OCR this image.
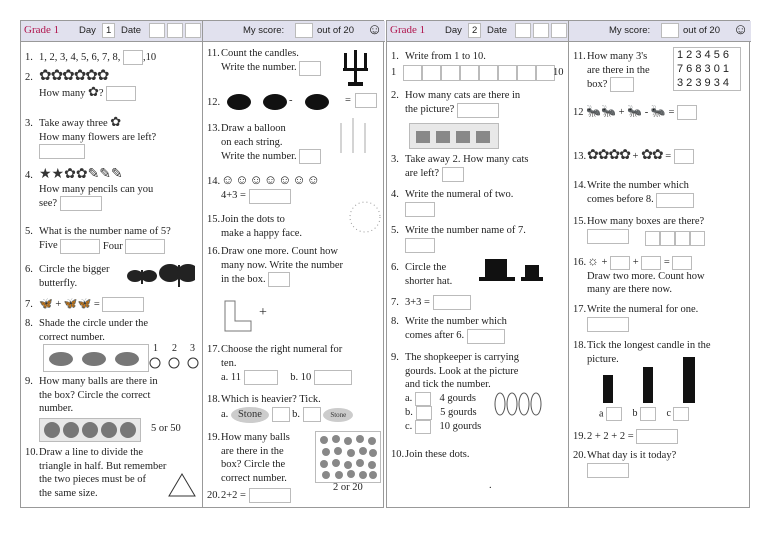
Grade 1 Day 1 Date
1. 1, 2, 3, 4, 5, 6, 7, 8, ,10
2. ✿✿✿✿✿✿
How many ✿?
3. Take away three ✿
How many flowers are left?

4. ★★✿✿✎✎✎
How many pencils can you
see?
5. What is the number name of 5?
Five	Four
6. Circle the bigger
butterfly.
7. 🦋 + 🦋🦋 =
8. Shade the circle under the
correct number.
1 2 3
9. How many balls are there in
the box? Circle the correct
number.
5 or 50
10.Draw a line to divide the
triangle in half. But remember
the two pieces must be of
the same size.
My score:	out of 20 ☺
11.Count the candles.
Write the number.
12.	-	=
13.Draw a balloon
on each string.
Write the number.
14.☺☺☺☺☺☺☺
4+3 =
15.Join the dots to
make a happy face.
16.Draw one more. Count how
many now. Write the number
in the box.
+
17.Choose the right numeral for
ten.
a. 11	b. 10
18.Which is heavier? Tick.
a. Stone	b.	Stone
19.How many balls
are there in the
box? Circle the
correct number.
2 or 20
20.2+2 =
Grade 1 Day 2 Date
1. Write from 1 to 10.
1	10
2. How many cats are there in
the picture?
3. Take away 2. How many cats
are left?
4. Write the numeral of two.

5. Write the number name of 7.

6. Circle the
shorter hat.
7. 3+3 =
8. Write the number which
comes after 6.
9. The shopkeeper is carrying
gourds. Look at the picture
and tick the number.
a.	4 gourds
b.	5 gourds
c.	10 gourds
10.Join these dots.
.
My score:	out of 20 ☺
11.How many 3's
are there in the
box?
1 2 3 4 5 6
7 6 8 3 0 1
3 2 3 9 3 4
12 🐜🐜 + 🐜 - 🐜 =
13.✿✿✿✿ + ✿✿ =
14.Write the number which
comes before 8.
15.How many boxes are there?

16.☼ + + =
Draw two more. Count how
many are there now.
17.Write the numeral for one.

18.Tick the longest candle in the
picture.
a	b	c
19.2 + 2 + 2 =
20.What day is it today?
